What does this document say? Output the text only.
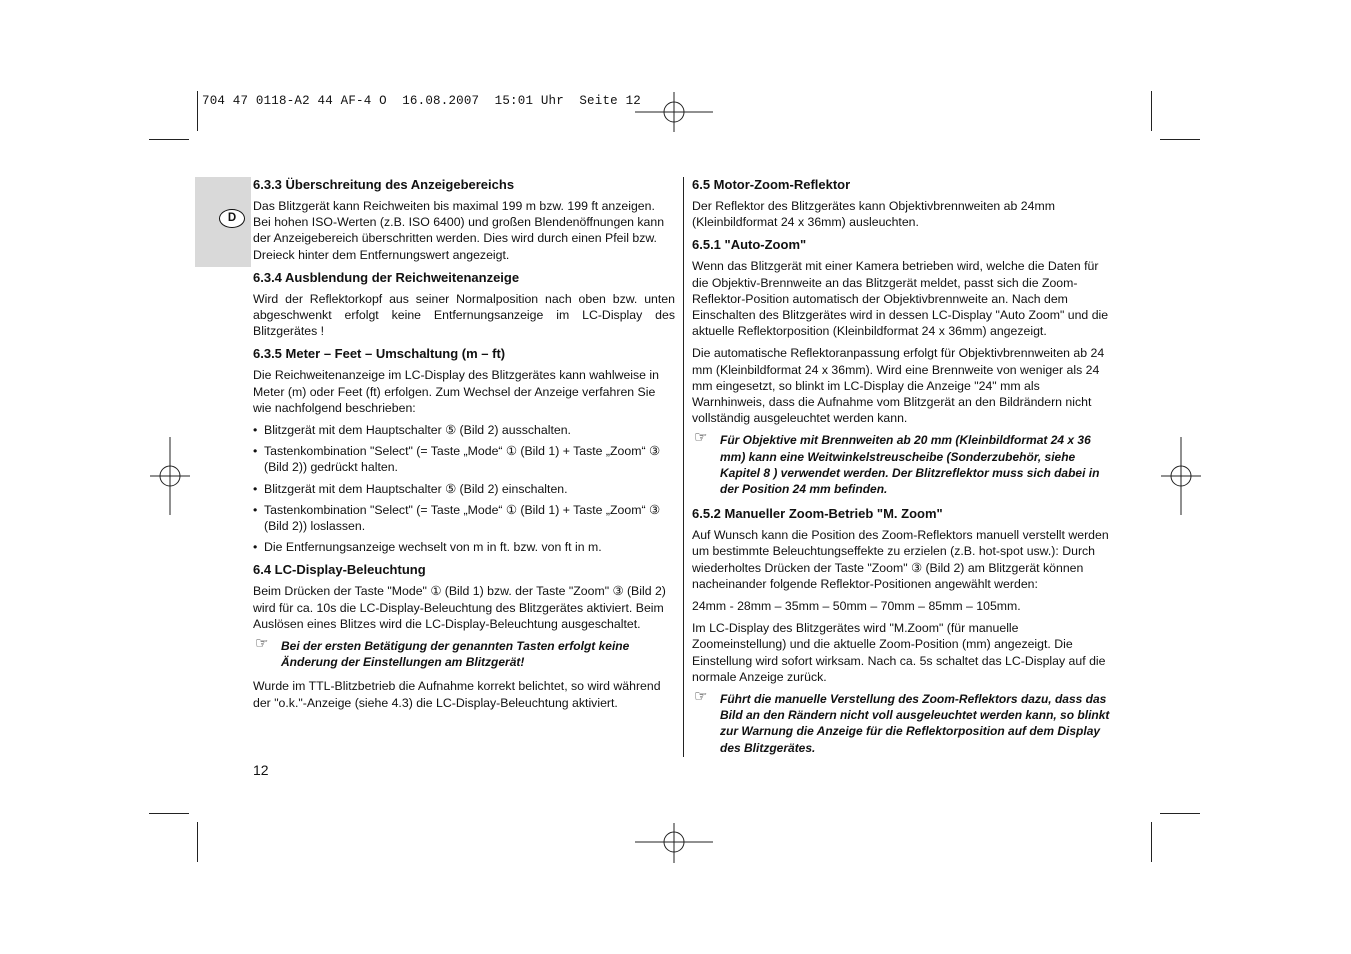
704 47 0118-A2 44 AF-4 O  16.08.2007  15:01 Uhr  Seite 12
D
6.3.3 Überschreitung des Anzeigebereichs

Das Blitzgerät kann Reichweiten bis maximal 199 m bzw. 199 ft anzeigen. Bei hohen ISO-Werten (z.B. ISO 6400) und großen Blendenöffnungen kann der Anzeigebereich überschritten werden. Dies wird durch einen Pfeil bzw. Dreieck hinter dem Entfernungswert angezeigt.

6.3.4 Ausblendung der Reichweitenanzeige

Wird der Reflektorkopf aus seiner Normalposition nach oben bzw. unten abgeschwenkt erfolgt keine Entfernungsanzeige im LC-Display des Blitzgerätes !

6.3.5 Meter – Feet – Umschaltung (m – ft)

Die Reichweitenanzeige im LC-Display des Blitzgerätes kann wahlweise in Meter (m) oder Feet (ft) erfolgen. Zum Wechsel der Anzeige verfahren Sie wie nachfolgend beschrieben:

• Blitzgerät mit dem Hauptschalter ⑤ (Bild 2) ausschalten.
• Tastenkombination "Select" (= Taste „Mode“ ① (Bild 1) + Taste „Zoom“ ③ (Bild 2)) gedrückt halten.
• Blitzgerät mit dem Hauptschalter ⑤ (Bild 2) einschalten.
• Tastenkombination "Select" (= Taste „Mode“ ① (Bild 1) + Taste „Zoom“ ③ (Bild 2)) loslassen.
• Die Entfernungsanzeige wechselt von m in ft. bzw. von ft in m.
6.4 LC-Display-Beleuchtung

Beim Drücken der Taste "Mode" ① (Bild 1) bzw. der Taste "Zoom" ③ (Bild 2) wird für ca. 10s die LC-Display-Beleuchtung des Blitzgerätes aktiviert. Beim Auslösen eines Blitzes wird die LC-Display-Beleuchtung ausgeschaltet.

☞ Bei der ersten Betätigung der genannten Tasten erfolgt keine Änderung der Einstellungen am Blitzgerät!

Wurde im TTL-Blitzbetrieb die Aufnahme korrekt belichtet, so wird während der "o.k."-Anzeige (siehe 4.3) die LC-Display-Beleuchtung aktiviert.

6.5 Motor-Zoom-Reflektor

Der Reflektor des Blitzgerätes kann Objektivbrennweiten ab 24mm (Kleinbildformat 24 x 36mm) ausleuchten.

6.5.1 "Auto-Zoom"

Wenn das Blitzgerät mit einer Kamera betrieben wird, welche die Daten für die Objektiv-Brennweite an das Blitzgerät meldet, passt sich die Zoom-Reflektor-Position automatisch der Objektivbrennweite an. Nach dem Einschalten des Blitzgerätes wird in dessen LC-Display "Auto Zoom" und die aktuelle Reflektorposition (Kleinbildformat 24 x 36mm) angezeigt.

Die automatische Reflektoranpassung erfolgt für Objektivbrennweiten ab 24 mm (Kleinbildformat 24 x 36mm). Wird eine Brennweite von weniger als 24 mm eingesetzt, so blinkt im LC-Display die Anzeige "24" mm als Warnhinweis, dass die Aufnahme vom Blitzgerät an den Bildrändern nicht vollständig ausgeleuchtet werden kann.

☞ Für Objektive mit Brennweiten ab 20 mm (Kleinbildformat 24 x 36 mm) kann eine Weitwinkelstreuscheibe (Sonderzubehör, siehe Kapitel 8 ) verwendet werden. Der Blitzreflektor muss sich dabei in der Position 24 mm befinden.
6.5.2 Manueller Zoom-Betrieb "M. Zoom"

Auf Wunsch kann die Position des Zoom-Reflektors manuell verstellt werden um bestimmte Beleuchtungseffekte zu erzielen (z.B. hot-spot usw.): Durch wiederholtes Drücken der Taste "Zoom" ③ (Bild 2) am Blitzgerät können nacheinander folgende Reflektor-Positionen angewählt werden:

24mm - 28mm – 35mm – 50mm – 70mm – 85mm – 105mm.

Im LC-Display des Blitzgerätes wird "M.Zoom" (für manuelle Zoomeinstellung) und die aktuelle Zoom-Position (mm) angezeigt. Die Einstellung wird sofort wirksam. Nach ca. 5s schaltet das LC-Display auf die normale Anzeige zurück.

☞ Führt die manuelle Verstellung des Zoom-Reflektors dazu, dass das Bild an den Rändern nicht voll ausgeleuchtet werden kann, so blinkt zur Warnung die Anzeige für die Reflektorposition auf dem Display des Blitzgerätes.
12
